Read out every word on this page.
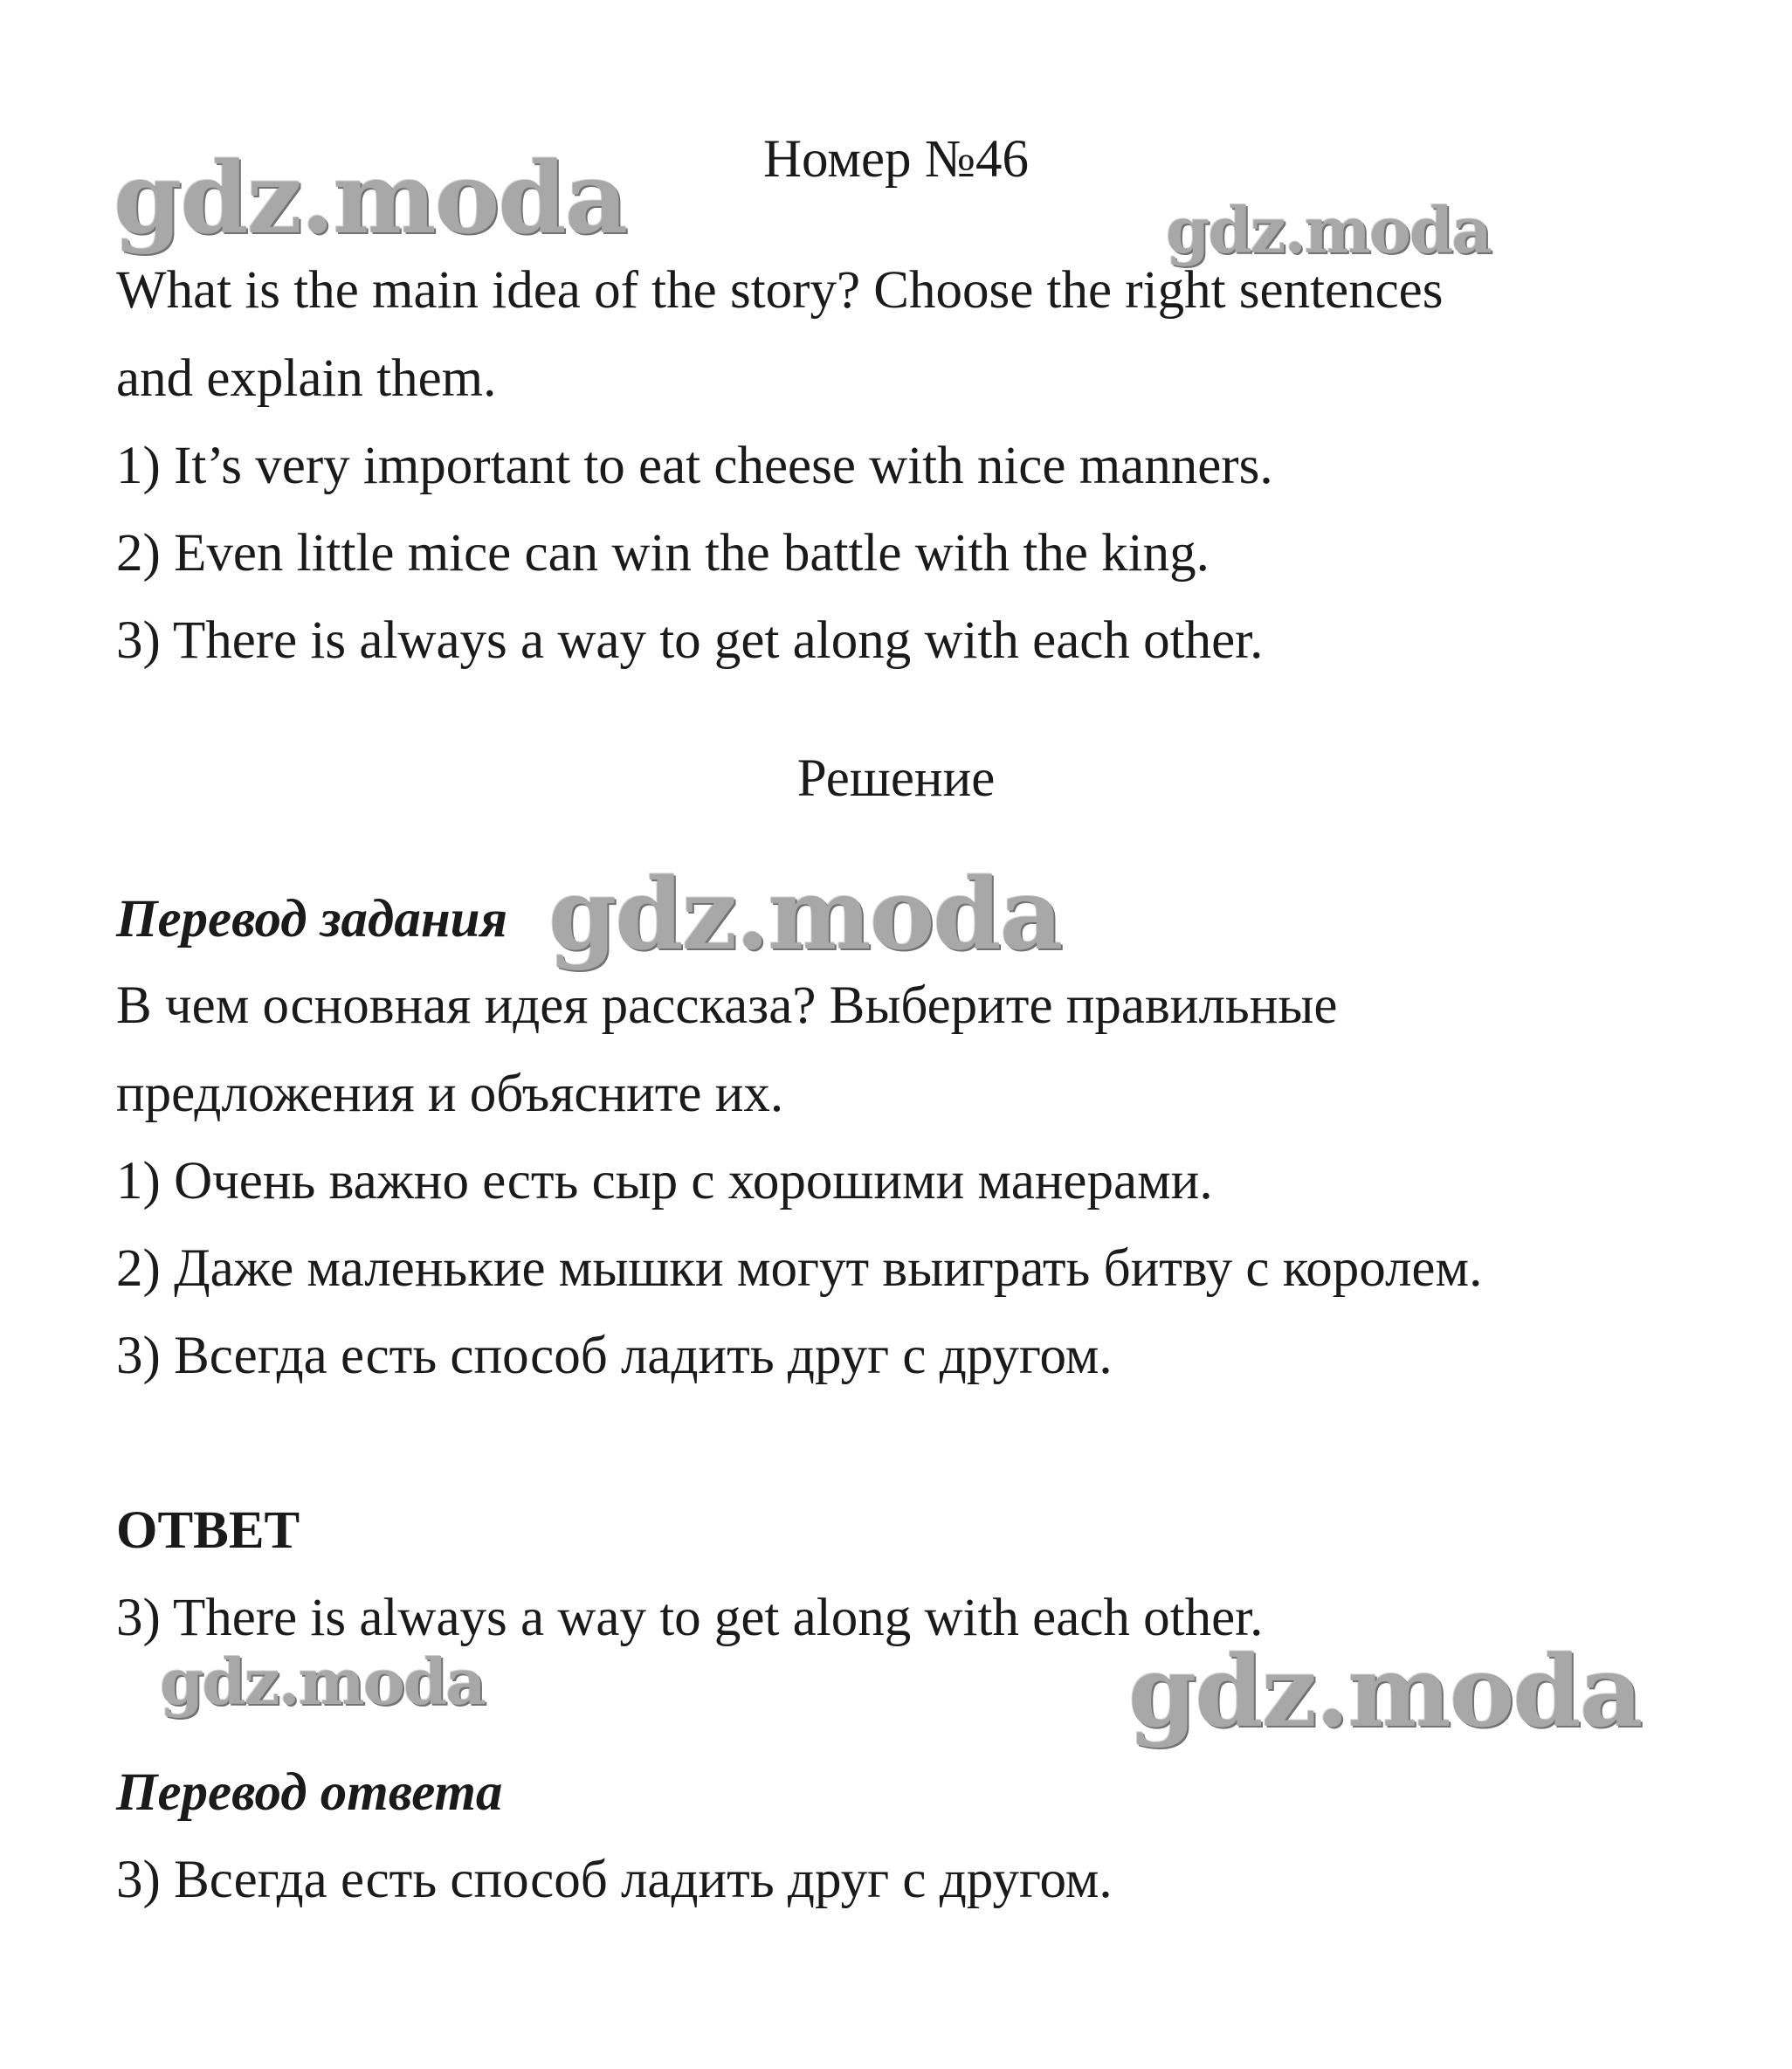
gdz.moda	gdz.moda
gdz.moda
gdz.moda	gdz.moda
Номер №46
What is the main idea of the story? Choose the right sentences
and explain them.
1) It’s very important to eat cheese with nice manners.
2) Even little mice can win the battle with the king.
3) There is always a way to get along with each other.
Решение
Перевод задания
В чем основная идея рассказа? Выберите правильные
предложения и объясните их.
1) Очень важно есть сыр с хорошими манерами.
2) Даже маленькие мышки могут выиграть битву с королем.
3) Всегда есть способ ладить друг с другом.
ОТВЕТ
3) There is always a way to get along with each other.
Перевод ответа
3) Всегда есть способ ладить друг с другом.
